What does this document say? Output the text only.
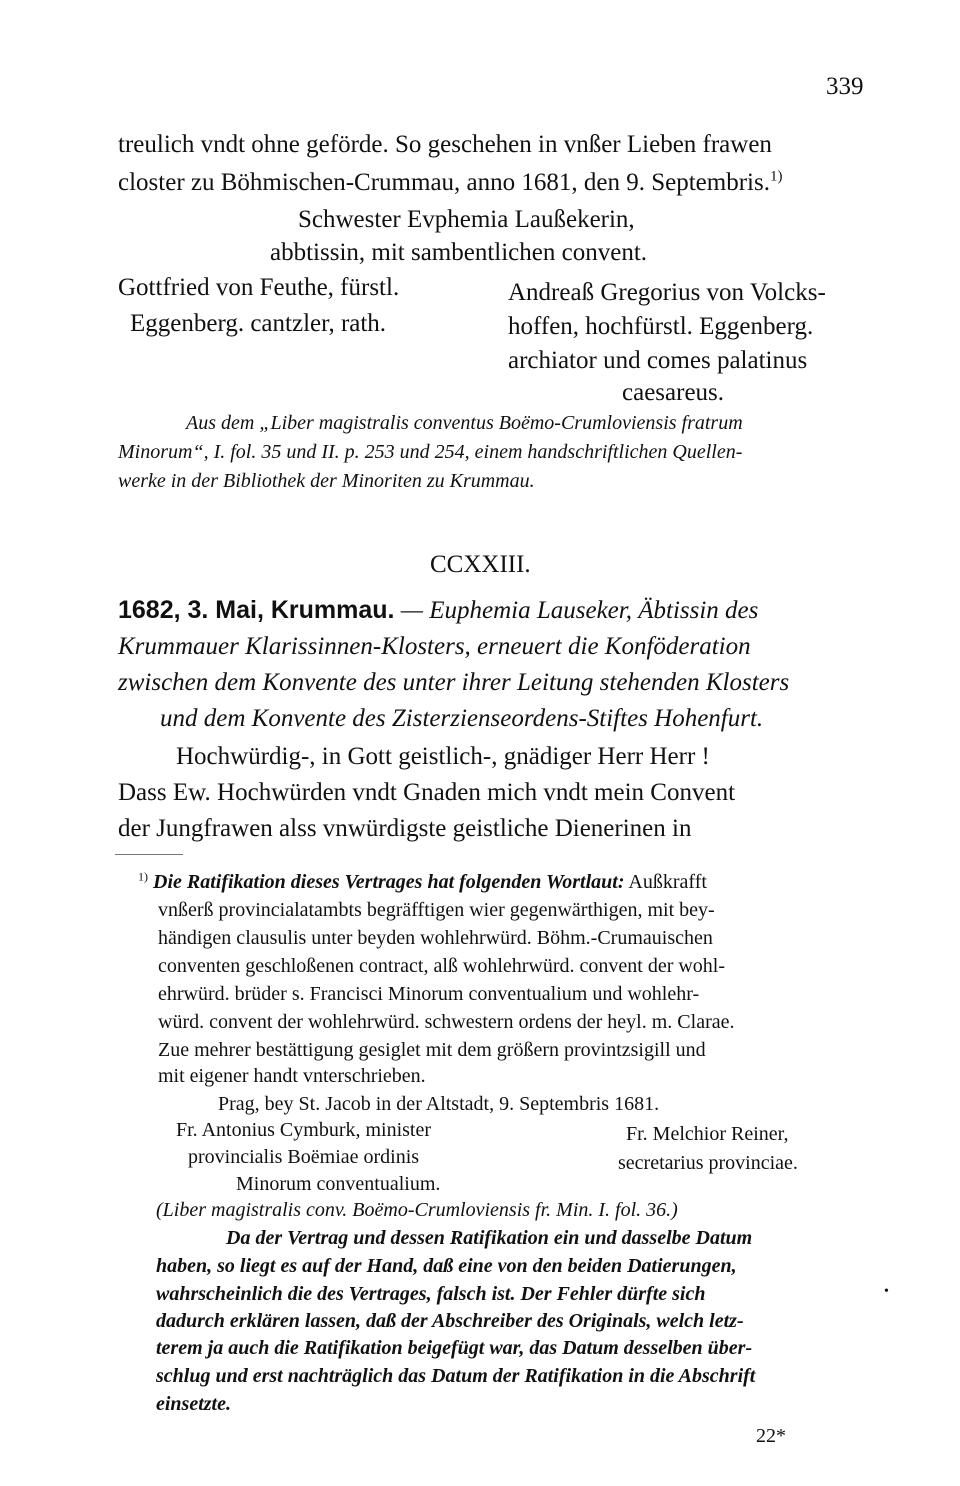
339
treulich vndt ohne geförde. So geschehen in vnßer Lieben frawen
closter zu Böhmischen-Crummau, anno 1681, den 9. Septembris.$^{1)}$
Schwester Evphemia Laußekerin,
abbtissin, mit sambentlichen convent.
Gottfried von Feuthe, fürstl.
Eggenberg. cantzler, rath.
Andreaß Gregorius von Volcks-
hoffen, hochfürstl. Eggenberg.
archiator und comes palatinus
caesareus.
Aus dem „Liber magistralis conventus Boëmo-Crumloviensis fratrum
Minorum“, I. fol. 35 und II. p. 253 und 254, einem handschriftlichen Quellen-
werke in der Bibliothek der Minoriten zu Krummau.
CCXXIII.
1682, 3. Mai, Krummau. — Euphemia Lauseker, Äbtissin des
Krummauer Klarissinnen-Klosters, erneuert die Konföderation
zwischen dem Konvente des unter ihrer Leitung stehenden Klosters
und dem Konvente des Zisterzienseordens-Stiftes Hohenfurt.
Hochwürdig-, in Gott geistlich-, gnädiger Herr Herr !
Dass Ew. Hochwürden vndt Gnaden mich vndt mein Convent
der Jungfrawen alss vnwürdigste geistliche Dienerinen in
$^{1)}$ Die Ratifikation dieses Vertrages hat folgenden Wortlaut: Außkrafft
vnßerß provincialatambts begräfftigen wier gegenwärthigen, mit bey-
händigen clausulis unter beyden wohlehrwürd. Böhm.-Crumauischen
conventen geschloßenen contract, alß wohlehrwürd. convent der wohl-
ehrwürd. brüder s. Francisci Minorum conventualium und wohlehr-
würd. convent der wohlehrwürd. schwestern ordens der heyl. m. Clarae.
Zue mehrer bestättigung gesiglet mit dem größern provintzsigill und
mit eigener handt vnterschrieben.
Prag, bey St. Jacob in der Altstadt, 9. Septembris 1681.
Fr. Antonius Cymburk, minister
provincialis Boëmiae ordinis
Minorum conventualium.
Fr. Melchior Reiner,
secretarius provinciae.
(Liber magistralis conv. Boëmo-Crumloviensis fr. Min. I. fol. 36.)
Da der Vertrag und dessen Ratifikation ein und dasselbe Datum
haben, so liegt es auf der Hand, daß eine von den beiden Datierungen,
wahrscheinlich die des Vertrages, falsch ist. Der Fehler dürfte sich
dadurch erklären lassen, daß der Abschreiber des Originals, welch letz-
terem ja auch die Ratifikation beigefügt war, das Datum desselben über-
schlug und erst nachträglich das Datum der Ratifikation in die Abschrift
einsetzte.
22*
•
